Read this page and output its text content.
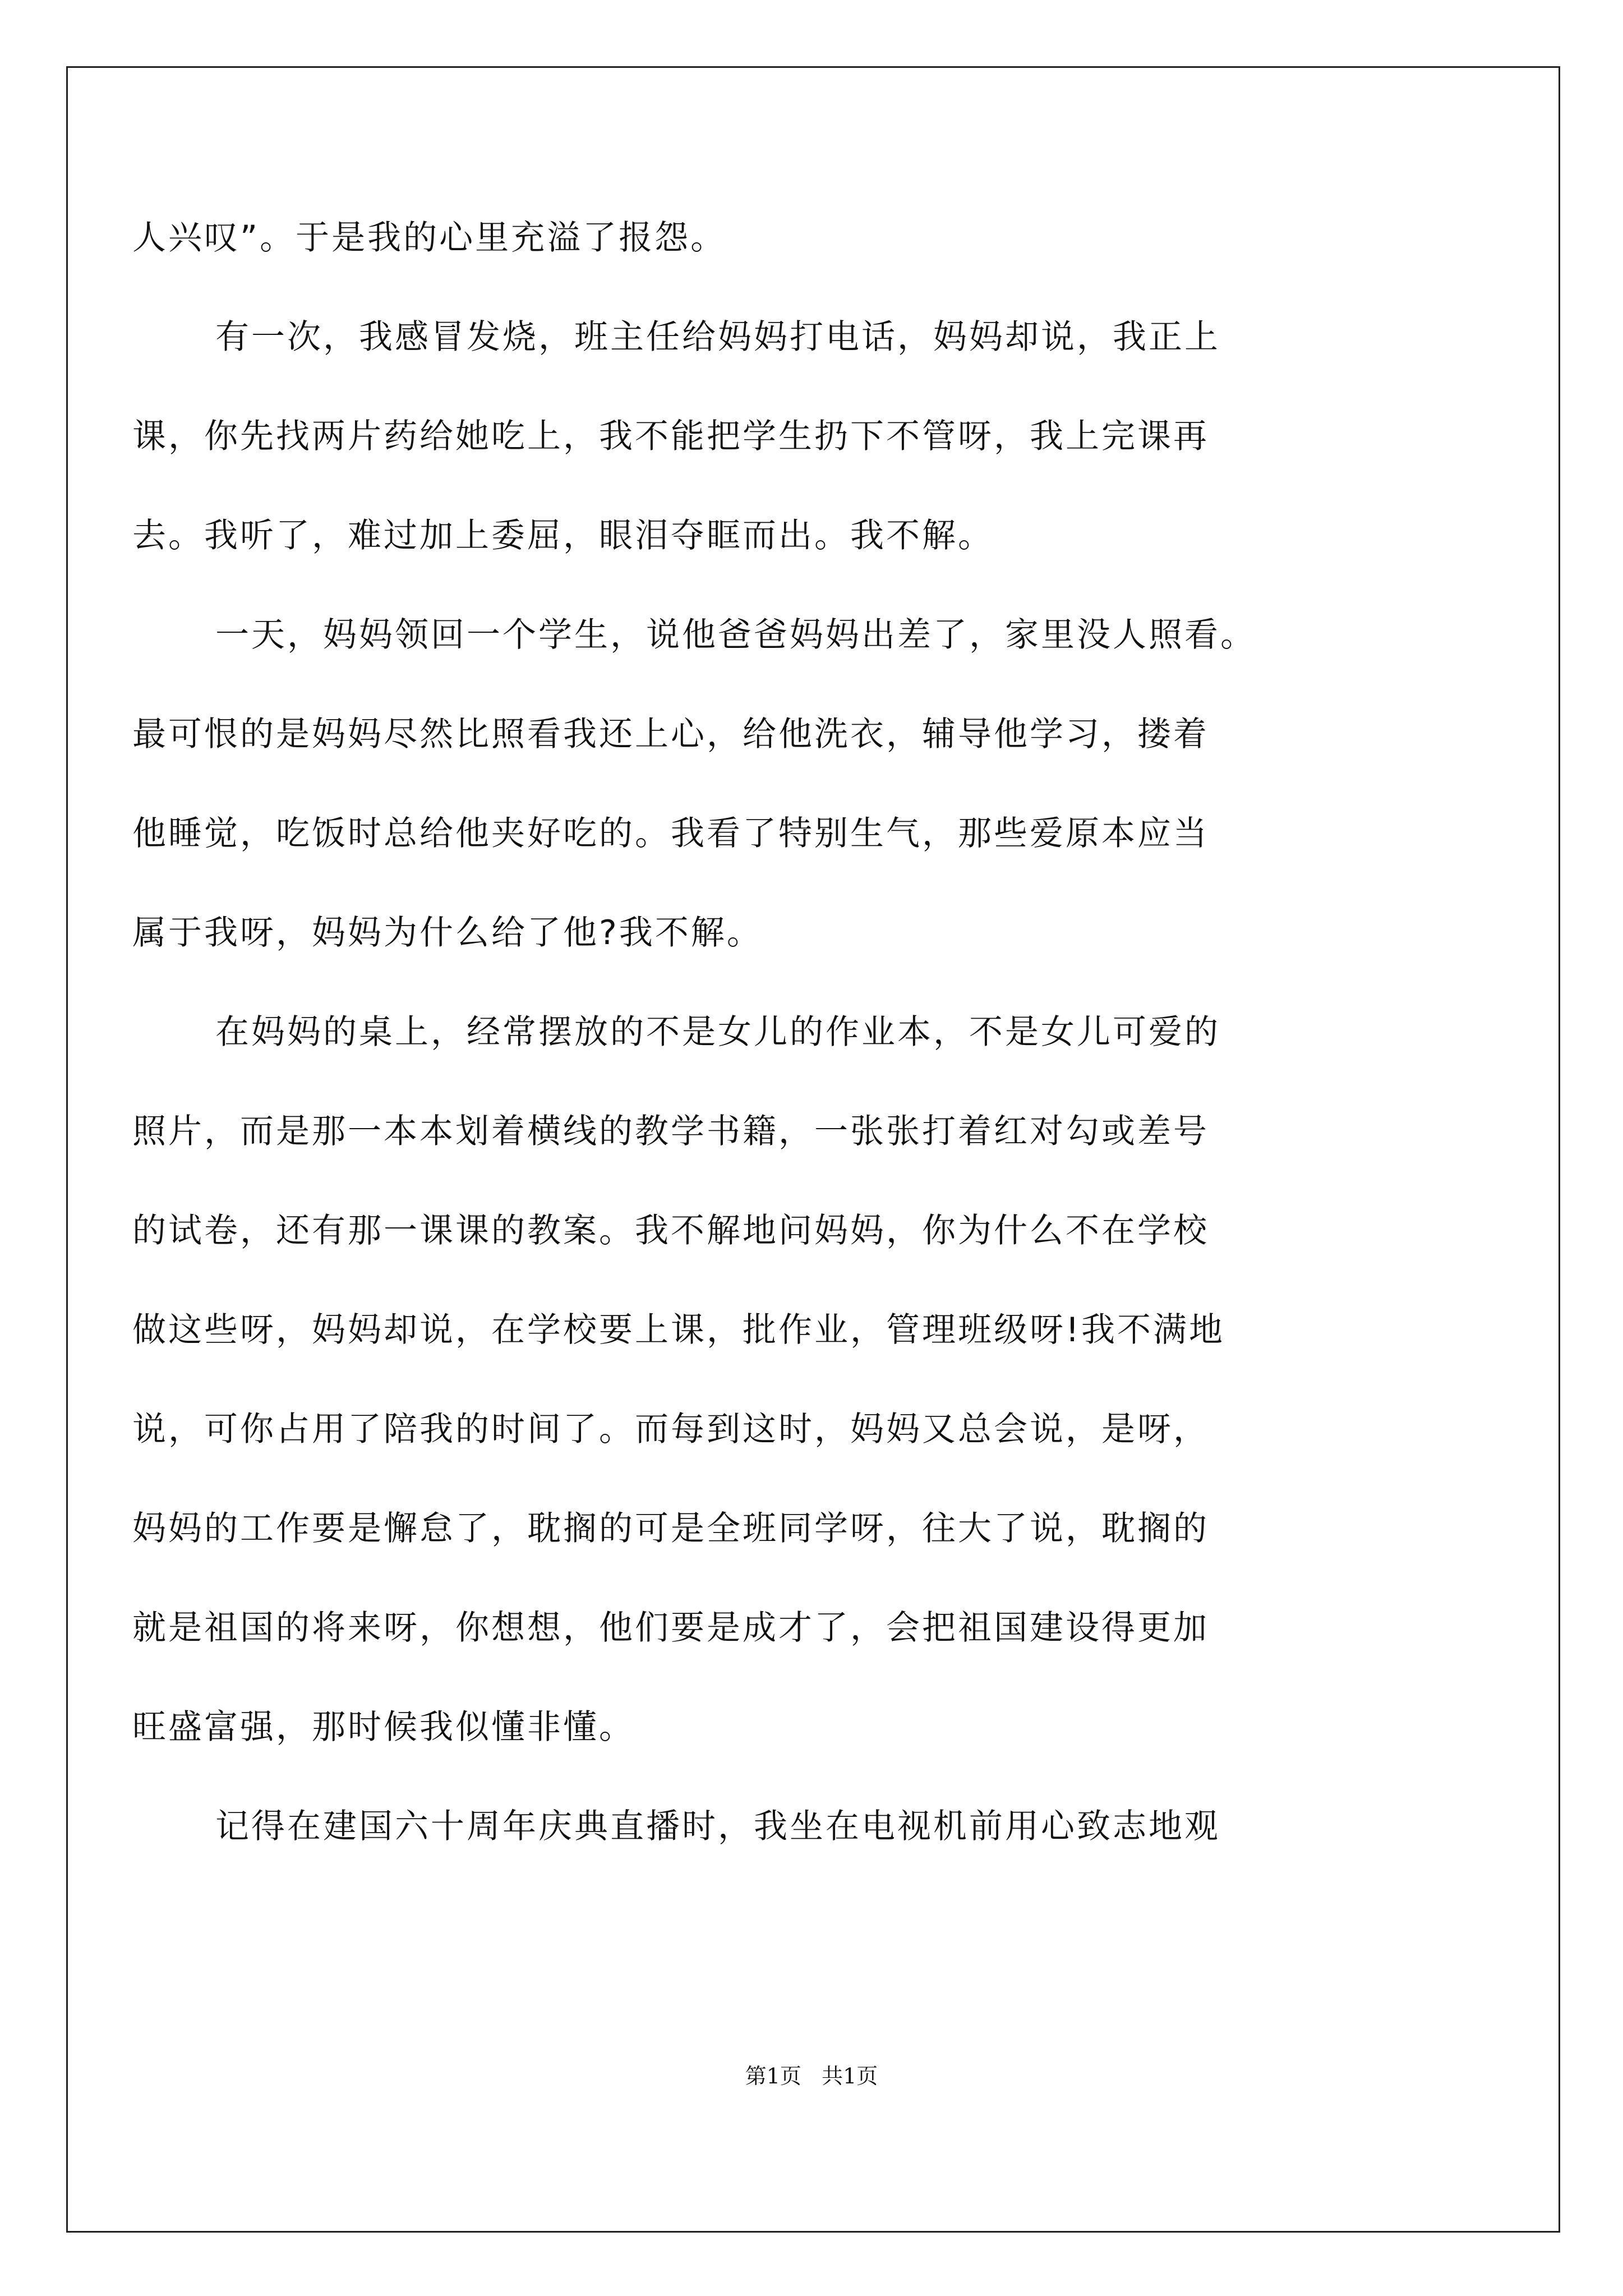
人兴叹”。于是我的心里充溢了报怨。
有一次，我感冒发烧，班主任给妈妈打电话，妈妈却说，我正上
课，你先找两片药给她吃上，我不能把学生扔下不管呀，我上完课再
去。我听了，难过加上委屈，眼泪夺眶而出。我不解。
一天，妈妈领回一个学生，说他爸爸妈妈出差了，家里没人照看。
最可恨的是妈妈尽然比照看我还上心，给他洗衣，辅导他学习，搂着
他睡觉，吃饭时总给他夹好吃的。我看了特别生气，那些爱原本应当
属于我呀，妈妈为什么给了他?我不解。
在妈妈的桌上，经常摆放的不是女儿的作业本，不是女儿可爱的
照片，而是那一本本划着横线的教学书籍，一张张打着红对勾或差号
的试卷，还有那一课课的教案。我不解地问妈妈，你为什么不在学校
做这些呀，妈妈却说，在学校要上课，批作业，管理班级呀!我不满地
说，可你占用了陪我的时间了。而每到这时，妈妈又总会说，是呀，
妈妈的工作要是懈怠了，耽搁的可是全班同学呀，往大了说，耽搁的
就是祖国的将来呀，你想想，他们要是成才了，会把祖国建设得更加
旺盛富强，那时候我似懂非懂。
记得在建国六十周年庆典直播时，我坐在电视机前用心致志地观
第1页   共1页
